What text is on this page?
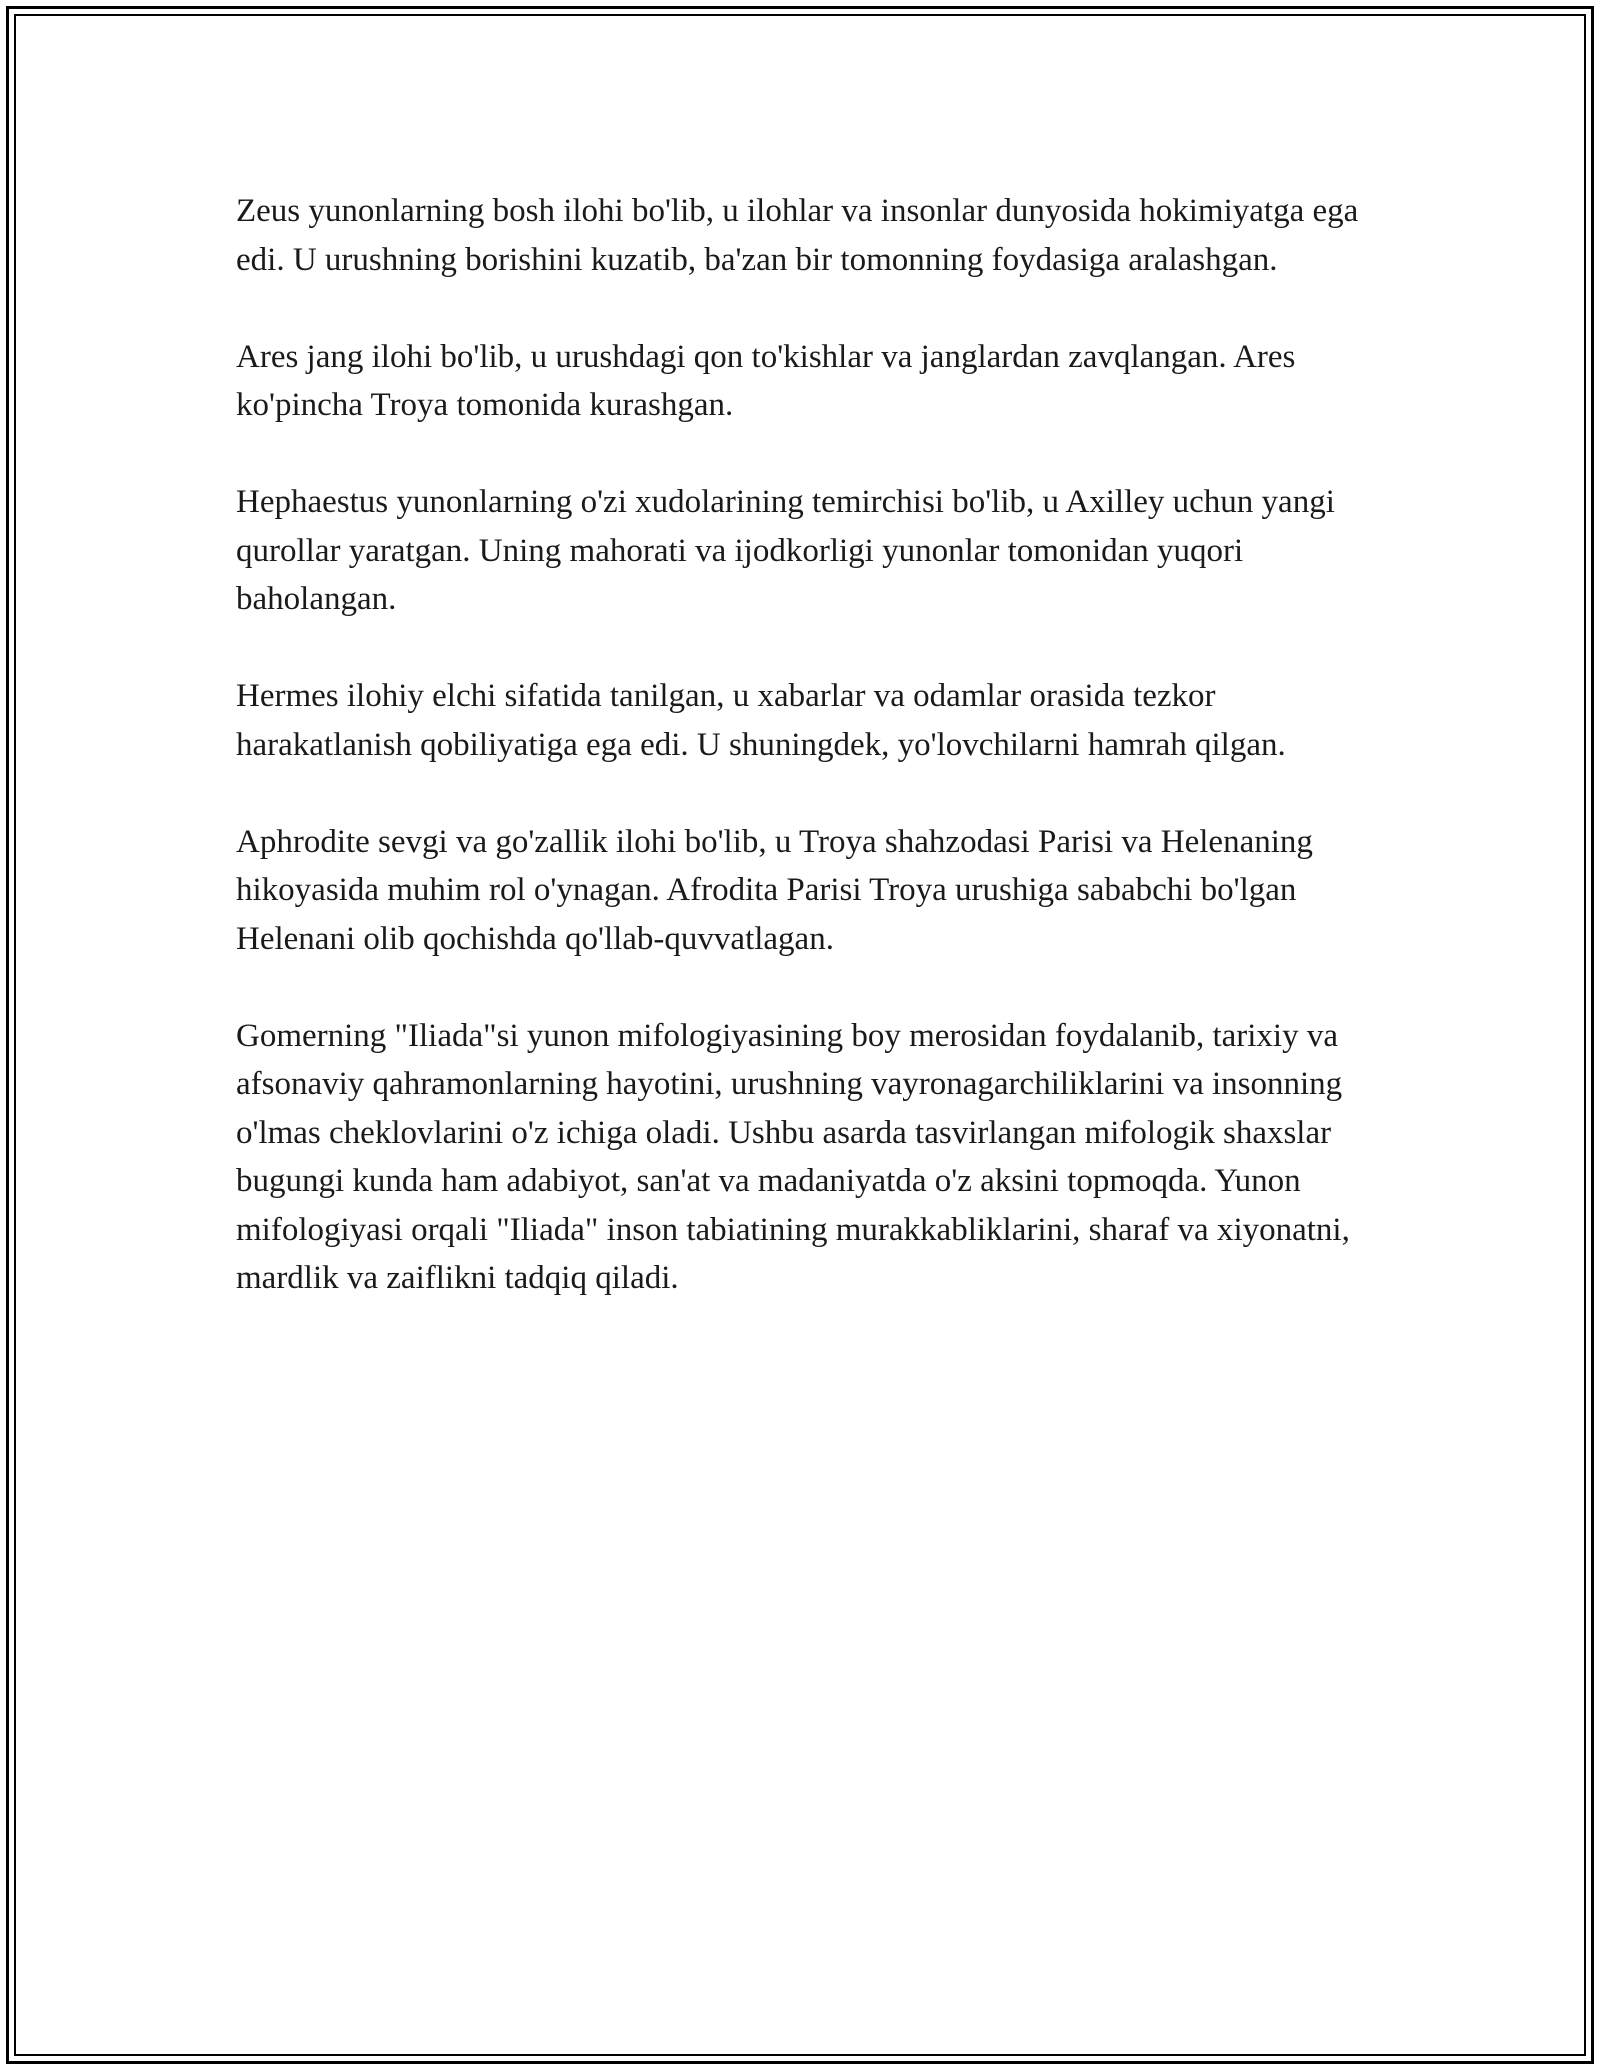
Zeus yunonlarning bosh ilohi bo'lib, u ilohlar va insonlar dunyosida hokimiyatga ega edi. U urushning borishini kuzatib, ba'zan bir tomonning foydasiga aralashgan.

Ares jang ilohi bo'lib, u urushdagi qon to'kishlar va janglardan zavqlangan. Ares ko'pincha Troya tomonida kurashgan.

Hephaestus yunonlarning o'zi xudolarining temirchisi bo'lib, u Axilley uchun yangi qurollar yaratgan. Uning mahorati va ijodkorligi yunonlar tomonidan yuqori baholangan.

Hermes ilohiy elchi sifatida tanilgan, u xabarlar va odamlar orasida tezkor harakatlanish qobiliyatiga ega edi. U shuningdek, yo'lovchilarni hamrah qilgan.

Aphrodite sevgi va go'zallik ilohi bo'lib, u Troya shahzodasi Parisi va Helenaning hikoyasida muhim rol o'ynagan. Afrodita Parisi Troya urushiga sababchi bo'lgan Helenani olib qochishda qo'llab-quvvatlagan.

Gomerning "Iliada"si yunon mifologiyasining boy merosidan foydalanib, tarixiy va afsonaviy qahramonlarning hayotini, urushning vayronagarchiliklarini va insonning o'lmas cheklovlarini o'z ichiga oladi. Ushbu asarda tasvirlangan mifologik shaxslar bugungi kunda ham adabiyot, san'at va madaniyatda o'z aksini topmoqda. Yunon mifologiyasi orqali "Iliada" inson tabiatining murakkabliklarini, sharaf va xiyonatni, mardlik va zaiflikni tadqiq qiladi.
